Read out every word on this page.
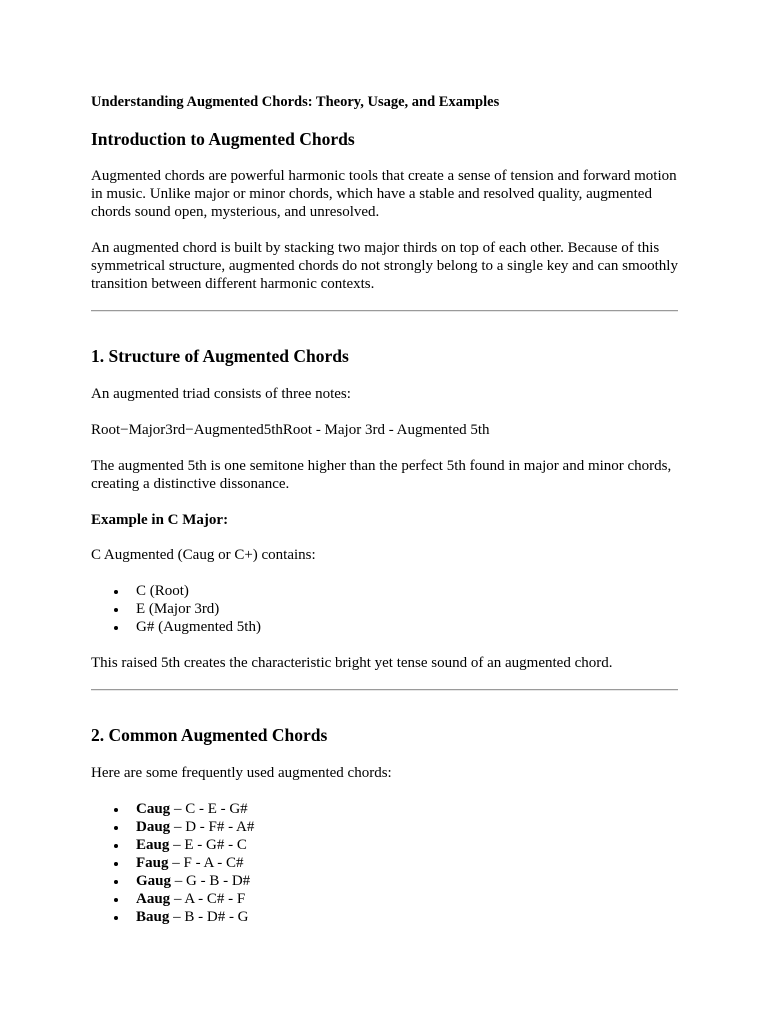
Understanding Augmented Chords: Theory, Usage, and Examples
Introduction to Augmented Chords

Augmented chords are powerful harmonic tools that create a sense of tension and forward motion in music. Unlike major or minor chords, which have a stable and resolved quality, augmented chords sound open, mysterious, and unresolved.

An augmented chord is built by stacking two major thirds on top of each other. Because of this symmetrical structure, augmented chords do not strongly belong to a single key and can smoothly transition between different harmonic contexts.

1. Structure of Augmented Chords

An augmented triad consists of three notes:

Root−Major3rd−Augmented5thRoot - Major 3rd - Augmented 5th

The augmented 5th is one semitone higher than the perfect 5th found in major and minor chords, creating a distinctive dissonance.

Example in C Major:

C Augmented (Caug or C+) contains:

C (Root)
E (Major 3rd)
G# (Augmented 5th)

This raised 5th creates the characteristic bright yet tense sound of an augmented chord.

2. Common Augmented Chords

Here are some frequently used augmented chords:

Caug – C - E - G#
Daug – D - F# - A#
Eaug – E - G# - C
Faug – F - A - C#
Gaug – G - B - D#
Aaug – A - C# - F
Baug – B - D# - G
